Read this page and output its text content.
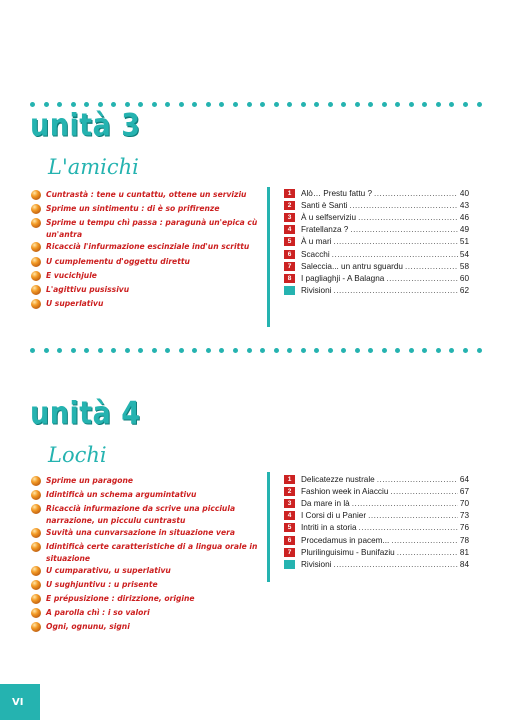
unità 3
L'amichi
Cuntrastà : tene u cuntattu, ottene un serviziu
Sprime un sintimentu : di è so prifirenze
Sprime u tempu chì passa : paragunà un'epica cù un'antra
Ricaccià l'infurmazione escinziale ind'un scrittu
U cumplementu d'oggettu direttu
E vucichjule
L'agittivu pusissivu
U superlativu
1	Alò… Prestu fattu ? .....	40
2	Santi è Santi .....	43
3	À u selfserviziu .....	46
4	Fratellanza ? .....	49
5	À u mari .....	51
6	Scacchi .....	54
7	Saleccia... un antru sguardu .....	58
8	I pagliaghji - A Balagna .....	60
Rivisioni .....	62
unità 4
Lochi
Sprime un paragone
Idintificà un schema argumintativu
Ricaccià infurmazione da scrive una picciula narrazione, un picculu cuntrastu
Suvità una cunvarsazione in situazione vera
Idintificà certe caratteristiche di a lingua orale in situazione
U cumparativu, u superlativu
U sughjuntivu : u prisente
E prépusizione : dirizzione, origine
A parolla chì : i so valori
Ogni, ognunu, signi
1	Delicatezze nustrale .....	64
2	Fashion week in Aiacciu .....	67
3	Da mare in là .....	70
4	I Corsi di u Panier .....	73
5	Intriti in a storia .....	76
6	Procedamus in pacem... .....	78
7	Plurilinguisimu - Bunifaziu .....	81
Rivisioni .....	84
VI
